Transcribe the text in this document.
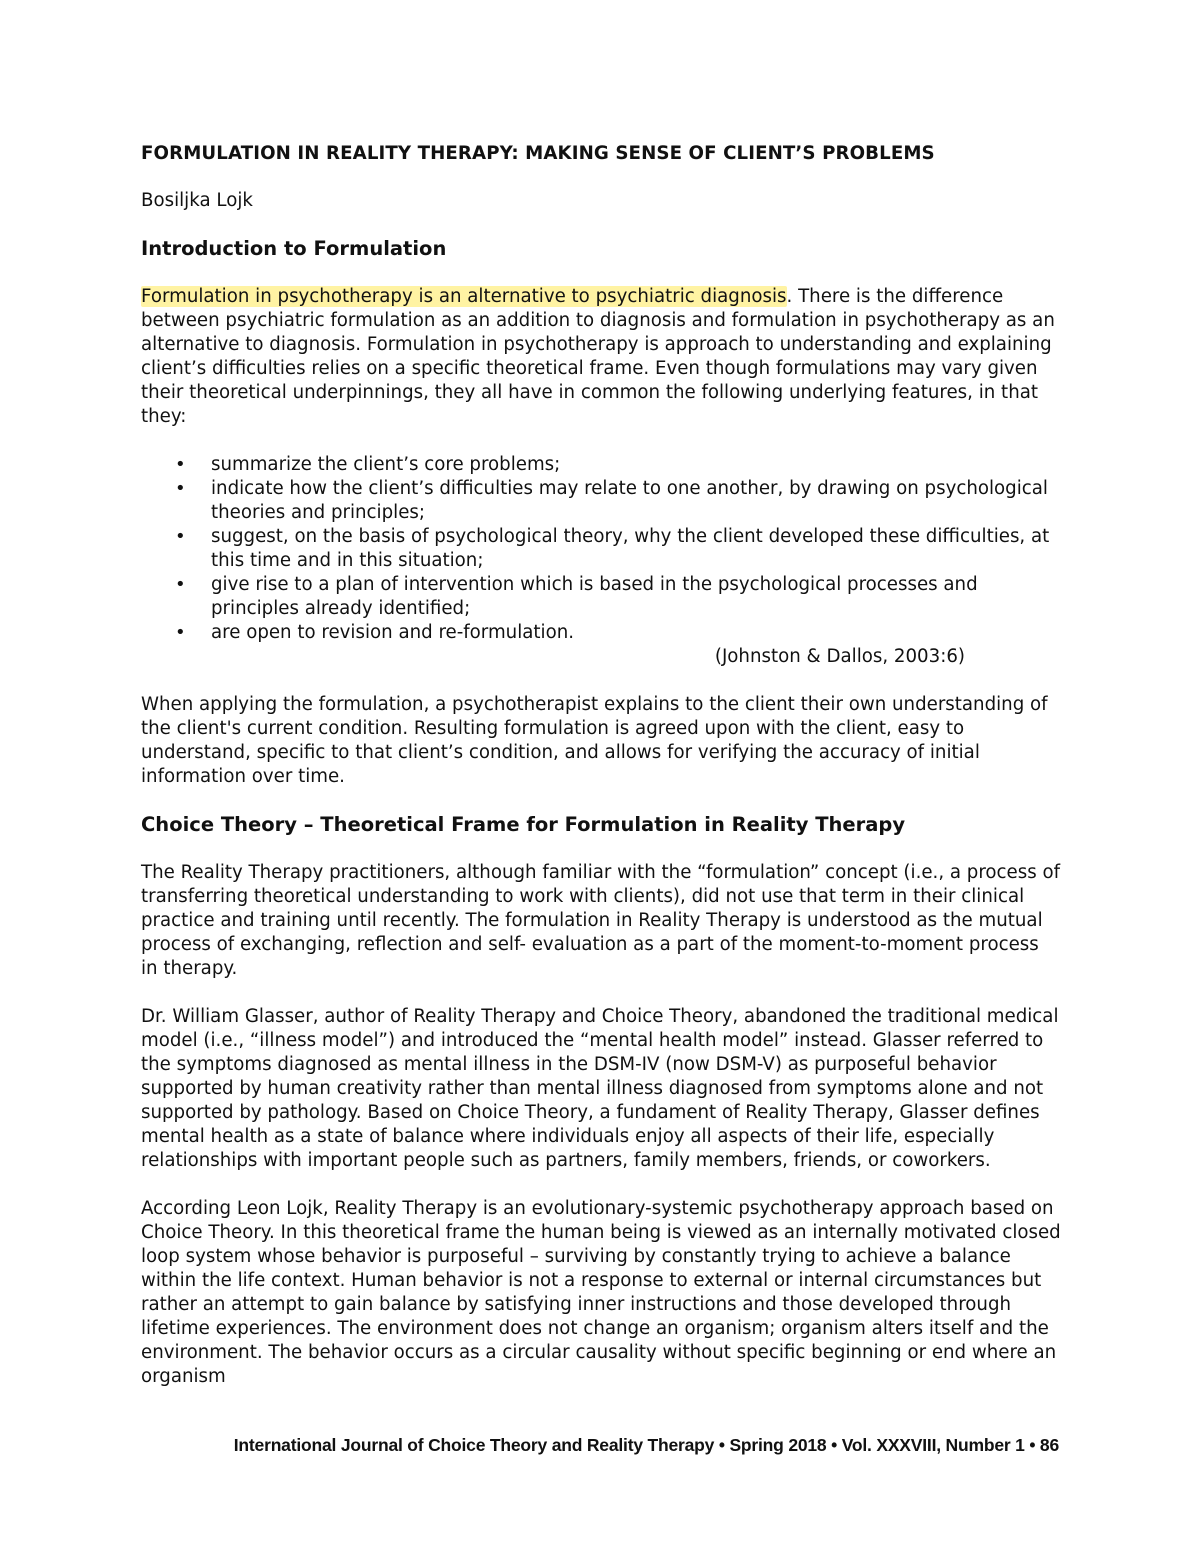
FORMULATION IN REALITY THERAPY: MAKING SENSE OF CLIENT’S PROBLEMS
Bosiljka Lojk
Introduction to Formulation

Formulation in psychotherapy is an alternative to psychiatric diagnosis. There is the difference between psychiatric formulation as an addition to diagnosis and formulation in psychotherapy as an alternative to diagnosis. Formulation in psychotherapy is approach to understanding and explaining client’s difficulties relies on a specific theoretical frame. Even though formulations may vary given their theoretical underpinnings, they all have in common the following underlying features, in that they:

• summarize the client’s core problems;
• indicate how the client’s difficulties may relate to one another, by drawing on psychological theories and principles;
• suggest, on the basis of psychological theory, why the client developed these difficulties, at this time and in this situation;
• give rise to a plan of intervention which is based in the psychological processes and principles already identified;
• are open to revision and re-formulation.
(Johnston & Dallos, 2003:6)

When applying the formulation, a psychotherapist explains to the client their own understanding of the client's current condition. Resulting formulation is agreed upon with the client, easy to understand, specific to that client’s condition, and allows for verifying the accuracy of initial information over time.

Choice Theory – Theoretical Frame for Formulation in Reality Therapy

The Reality Therapy practitioners, although familiar with the “formulation” concept (i.e., a process of transferring theoretical understanding to work with clients), did not use that term in their clinical practice and training until recently. The formulation in Reality Therapy is understood as the mutual process of exchanging, reflection and self- evaluation as a part of the moment-to-moment process in therapy.

Dr. William Glasser, author of Reality Therapy and Choice Theory, abandoned the traditional medical model (i.e., “illness model”) and introduced the “mental health model” instead. Glasser referred to the symptoms diagnosed as mental illness in the DSM-IV (now DSM-V) as purposeful behavior supported by human creativity rather than mental illness diagnosed from symptoms alone and not supported by pathology. Based on Choice Theory, a fundament of Reality Therapy, Glasser defines mental health as a state of balance where individuals enjoy all aspects of their life, especially relationships with important people such as partners, family members, friends, or coworkers.

According Leon Lojk, Reality Therapy is an evolutionary-systemic psychotherapy approach based on Choice Theory. In this theoretical frame the human being is viewed as an internally motivated closed loop system whose behavior is purposeful – surviving by constantly trying to achieve a balance within the life context. Human behavior is not a response to external or internal circumstances but rather an attempt to gain balance by satisfying inner instructions and those developed through lifetime experiences. The environment does not change an organism; organism alters itself and the environment. The behavior occurs as a circular causality without specific beginning or end where an organism

International Journal of Choice Theory and Reality Therapy • Spring 2018 • Vol. XXXVIII, Number 1 • 86
